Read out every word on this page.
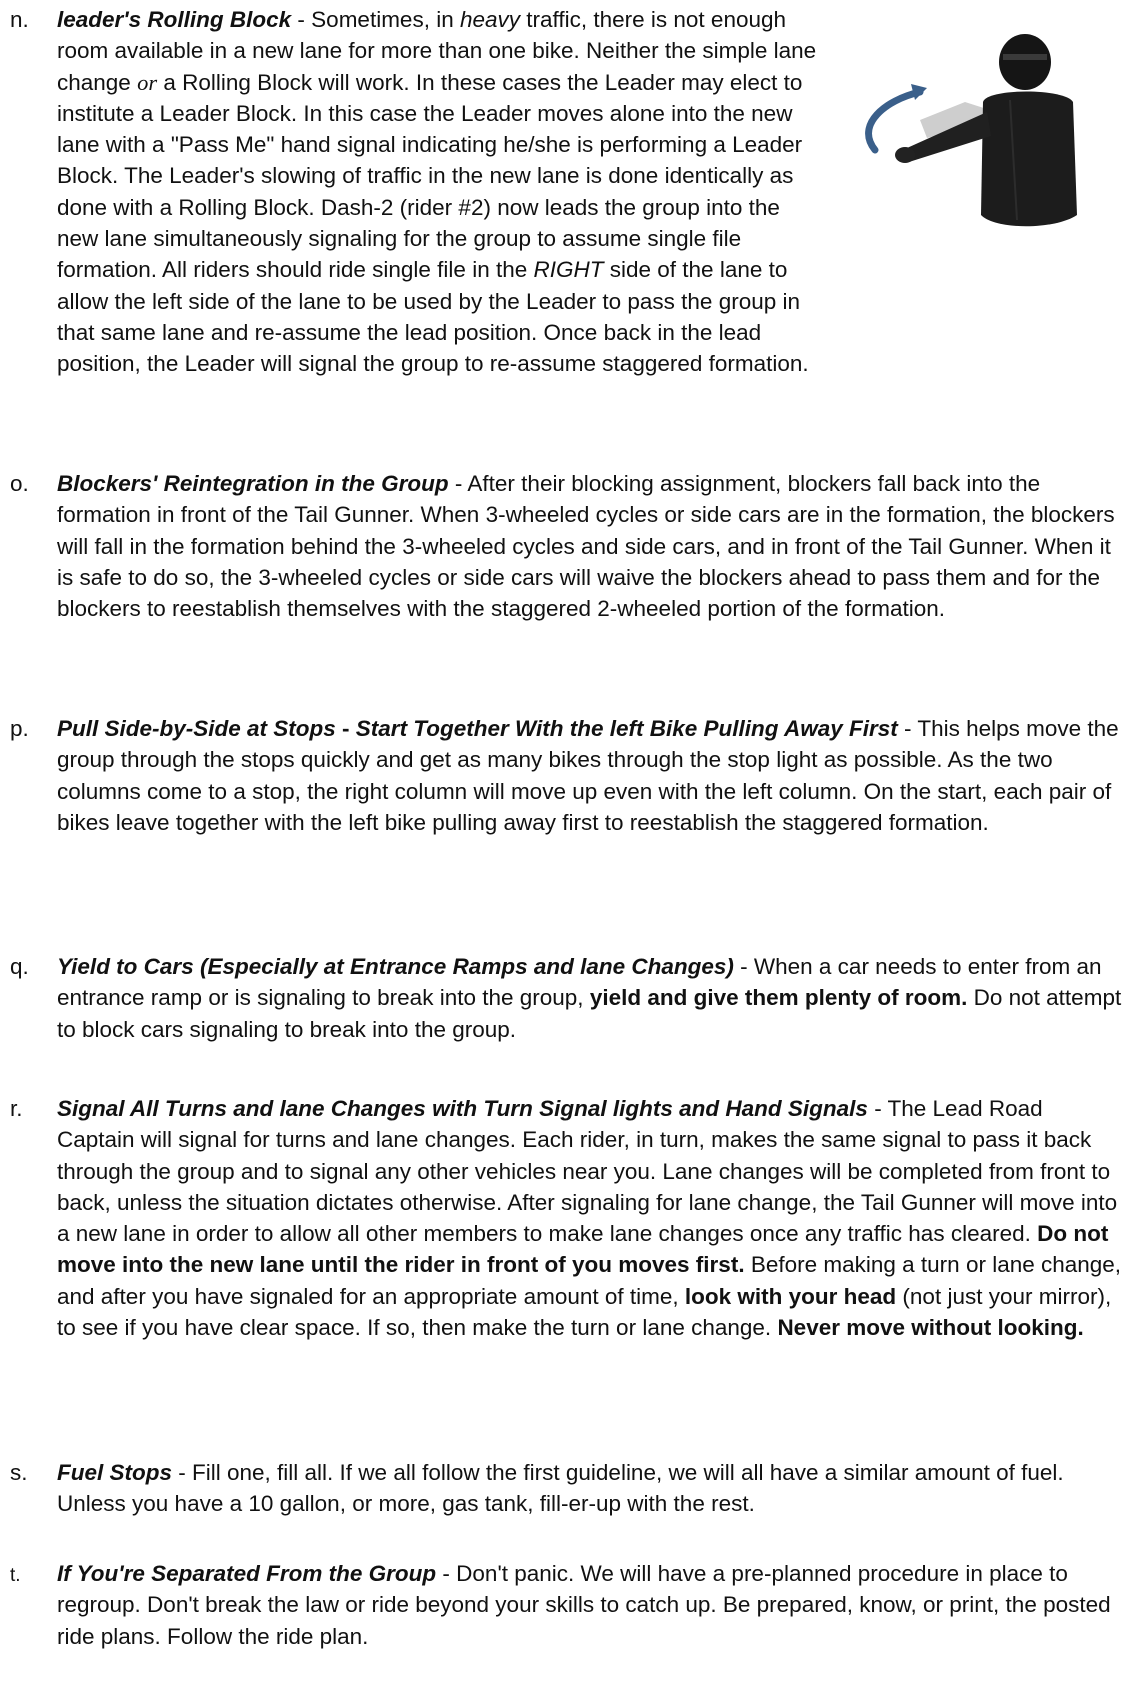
n. leader's Rolling Block - Sometimes, in heavy traffic, there is not enough room available in a new lane for more than one bike. Neither the simple lane change or a Rolling Block will work. In these cases the Leader may elect to institute a Leader Block. In this case the Leader moves alone into the new lane with a "Pass Me" hand signal indicating he/she is performing a Leader Block. The Leader's slowing of traffic in the new lane is done identically as done with a Rolling Block. Dash-2 (rider #2) now leads the group into the new lane simultaneously signaling for the group to assume single file formation. All riders should ride single file in the RIGHT side of the lane to allow the left side of the lane to be used by the Leader to pass the group in that same lane and re-assume the lead position. Once back in the lead position, the Leader will signal the group to re-assume staggered formation.

o. Blockers' Reintegration in the Group - After their blocking assignment, blockers fall back into the formation in front of the Tail Gunner. When 3-wheeled cycles or side cars are in the formation, the blockers will fall in the formation behind the 3-wheeled cycles and side cars, and in front of the Tail Gunner. When it is safe to do so, the 3-wheeled cycles or side cars will waive the blockers ahead to pass them and for the blockers to reestablish themselves with the staggered 2-wheeled portion of the formation.

p. Pull Side-by-Side at Stops - Start Together With the left Bike Pulling Away First - This helps move the group through the stops quickly and get as many bikes through the stop light as possible. As the two columns come to a stop, the right column will move up even with the left column. On the start, each pair of bikes leave together with the left bike pulling away first to reestablish the staggered formation.

q. Yield to Cars (Especially at Entrance Ramps and lane Changes) - When a car needs to enter from an entrance ramp or is signaling to break into the group, yield and give them plenty of room. Do not attempt to block cars signaling to break into the group.

r. Signal All Turns and lane Changes with Turn Signal lights and Hand Signals - The Lead Road Captain will signal for turns and lane changes. Each rider, in turn, makes the same signal to pass it back through the group and to signal any other vehicles near you. Lane changes will be completed from front to back, unless the situation dictates otherwise. After signaling for lane change, the Tail Gunner will move into a new lane in order to allow all other members to make lane changes once any traffic has cleared. Do not move into the new lane until the rider in front of you moves first. Before making a turn or lane change, and after you have signaled for an appropriate amount of time, look with your head (not just your mirror), to see if you have clear space. If so, then make the turn or lane change. Never move without looking.

s. Fuel Stops - Fill one, fill all. If we all follow the first guideline, we will all have a similar amount of fuel. Unless you have a 10 gallon, or more, gas tank, fill-er-up with the rest.

t. If You're Separated From the Group - Don't panic. We will have a pre-planned procedure in place to regroup. Don't break the law or ride beyond your skills to catch up. Be prepared, know, or print, the posted ride plans. Follow the ride plan.
